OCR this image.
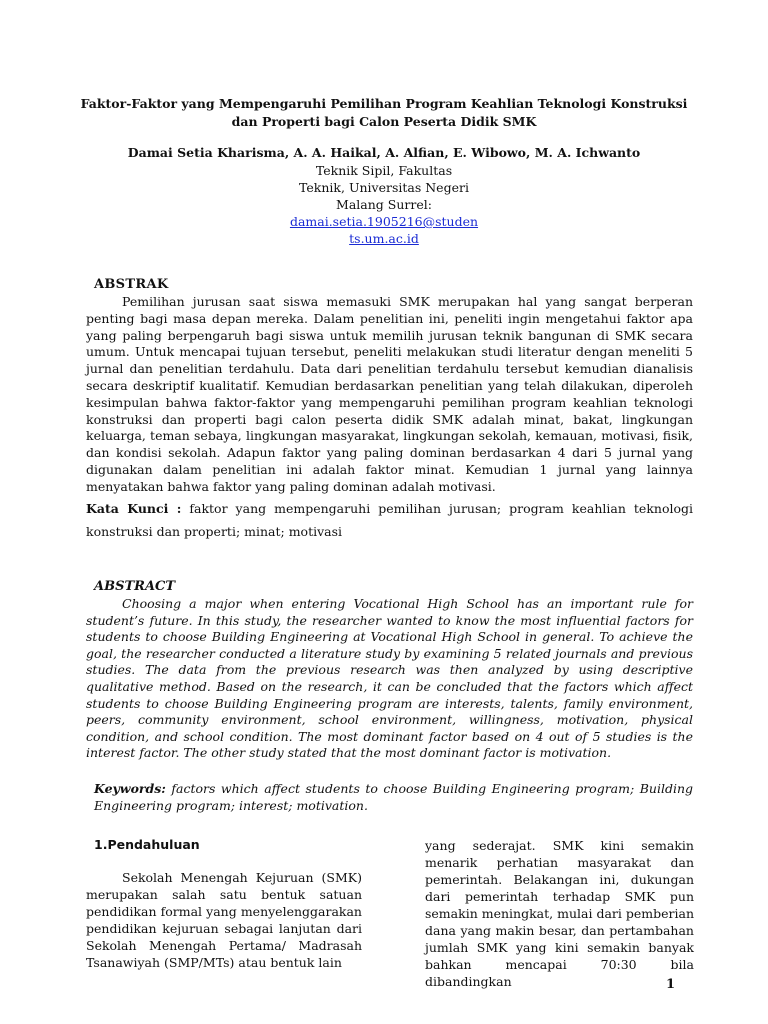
Faktor-Faktor yang Mempengaruhi Pemilihan Program Keahlian Teknologi Konstruksi
dan Properti bagi Calon Peserta Didik SMK
Damai Setia Kharisma, A. A. Haikal, A. Alfian, E. Wibowo, M. A. Ichwanto
Teknik Sipil, Fakultas
Teknik, Universitas Negeri
Malang Surrel:
damai.setia.1905216@studen
ts.um.ac.id
ABSTRAK

Pemilihan jurusan saat siswa memasuki SMK merupakan hal yang sangat berperan penting bagi masa depan mereka. Dalam penelitian ini, peneliti ingin mengetahui faktor apa yang paling berpengaruh bagi siswa untuk memilih jurusan teknik bangunan di SMK secara umum. Untuk mencapai tujuan tersebut, peneliti melakukan studi literatur dengan meneliti 5 jurnal dan penelitian terdahulu. Data dari penelitian terdahulu tersebut kemudian dianalisis secara deskriptif kualitatif. Kemudian berdasarkan penelitian yang telah dilakukan, diperoleh kesimpulan bahwa faktor-faktor yang mempengaruhi pemilihan program keahlian teknologi konstruksi dan properti bagi calon peserta didik SMK adalah minat, bakat, lingkungan keluarga, teman sebaya, lingkungan masyarakat, lingkungan sekolah, kemauan, motivasi, fisik, dan kondisi sekolah. Adapun faktor yang paling dominan berdasarkan 4 dari 5 jurnal yang digunakan dalam penelitian ini adalah faktor minat. Kemudian 1 jurnal yang lainnya menyatakan bahwa faktor yang paling dominan adalah motivasi.

Kata Kunci : faktor yang mempengaruhi pemilihan jurusan; program keahlian teknologi konstruksi dan properti; minat; motivasi

ABSTRACT

Choosing a major when entering Vocational High School has an important rule for student’s future. In this study, the researcher wanted to know the most influential factors for students to choose Building Engineering at Vocational High School in general. To achieve the goal, the researcher conducted a literature study by examining 5 related journals and previous studies. The data from the previous research was then analyzed by using descriptive qualitative method. Based on the research, it can be concluded that the factors which affect students to choose Building Engineering program are interests, talents, family environment, peers, community environment, school environment, willingness, motivation, physical condition, and school condition. The most dominant factor based on 4 out of 5 studies is the interest factor. The other study stated that the most dominant factor is motivation.

Keywords: factors which affect students to choose Building Engineering program; Building Engineering program; interest; motivation.

1.Pendahuluan

Sekolah Menengah Kejuruan (SMK) merupakan salah satu bentuk satuan pendidikan formal yang menyelenggarakan pendidikan kejuruan sebagai lanjutan dari Sekolah Menengah Pertama/ Madrasah Tsanawiyah (SMP/MTs) atau bentuk lain

yang sederajat. SMK kini semakin menarik perhatian masyarakat dan pemerintah. Belakangan ini, dukungan dari pemerintah terhadap SMK pun semakin meningkat, mulai dari pemberian dana yang makin besar, dan pertambahan jumlah SMK yang kini semakin banyak bahkan mencapai 70:30 bila dibandingkan	1
